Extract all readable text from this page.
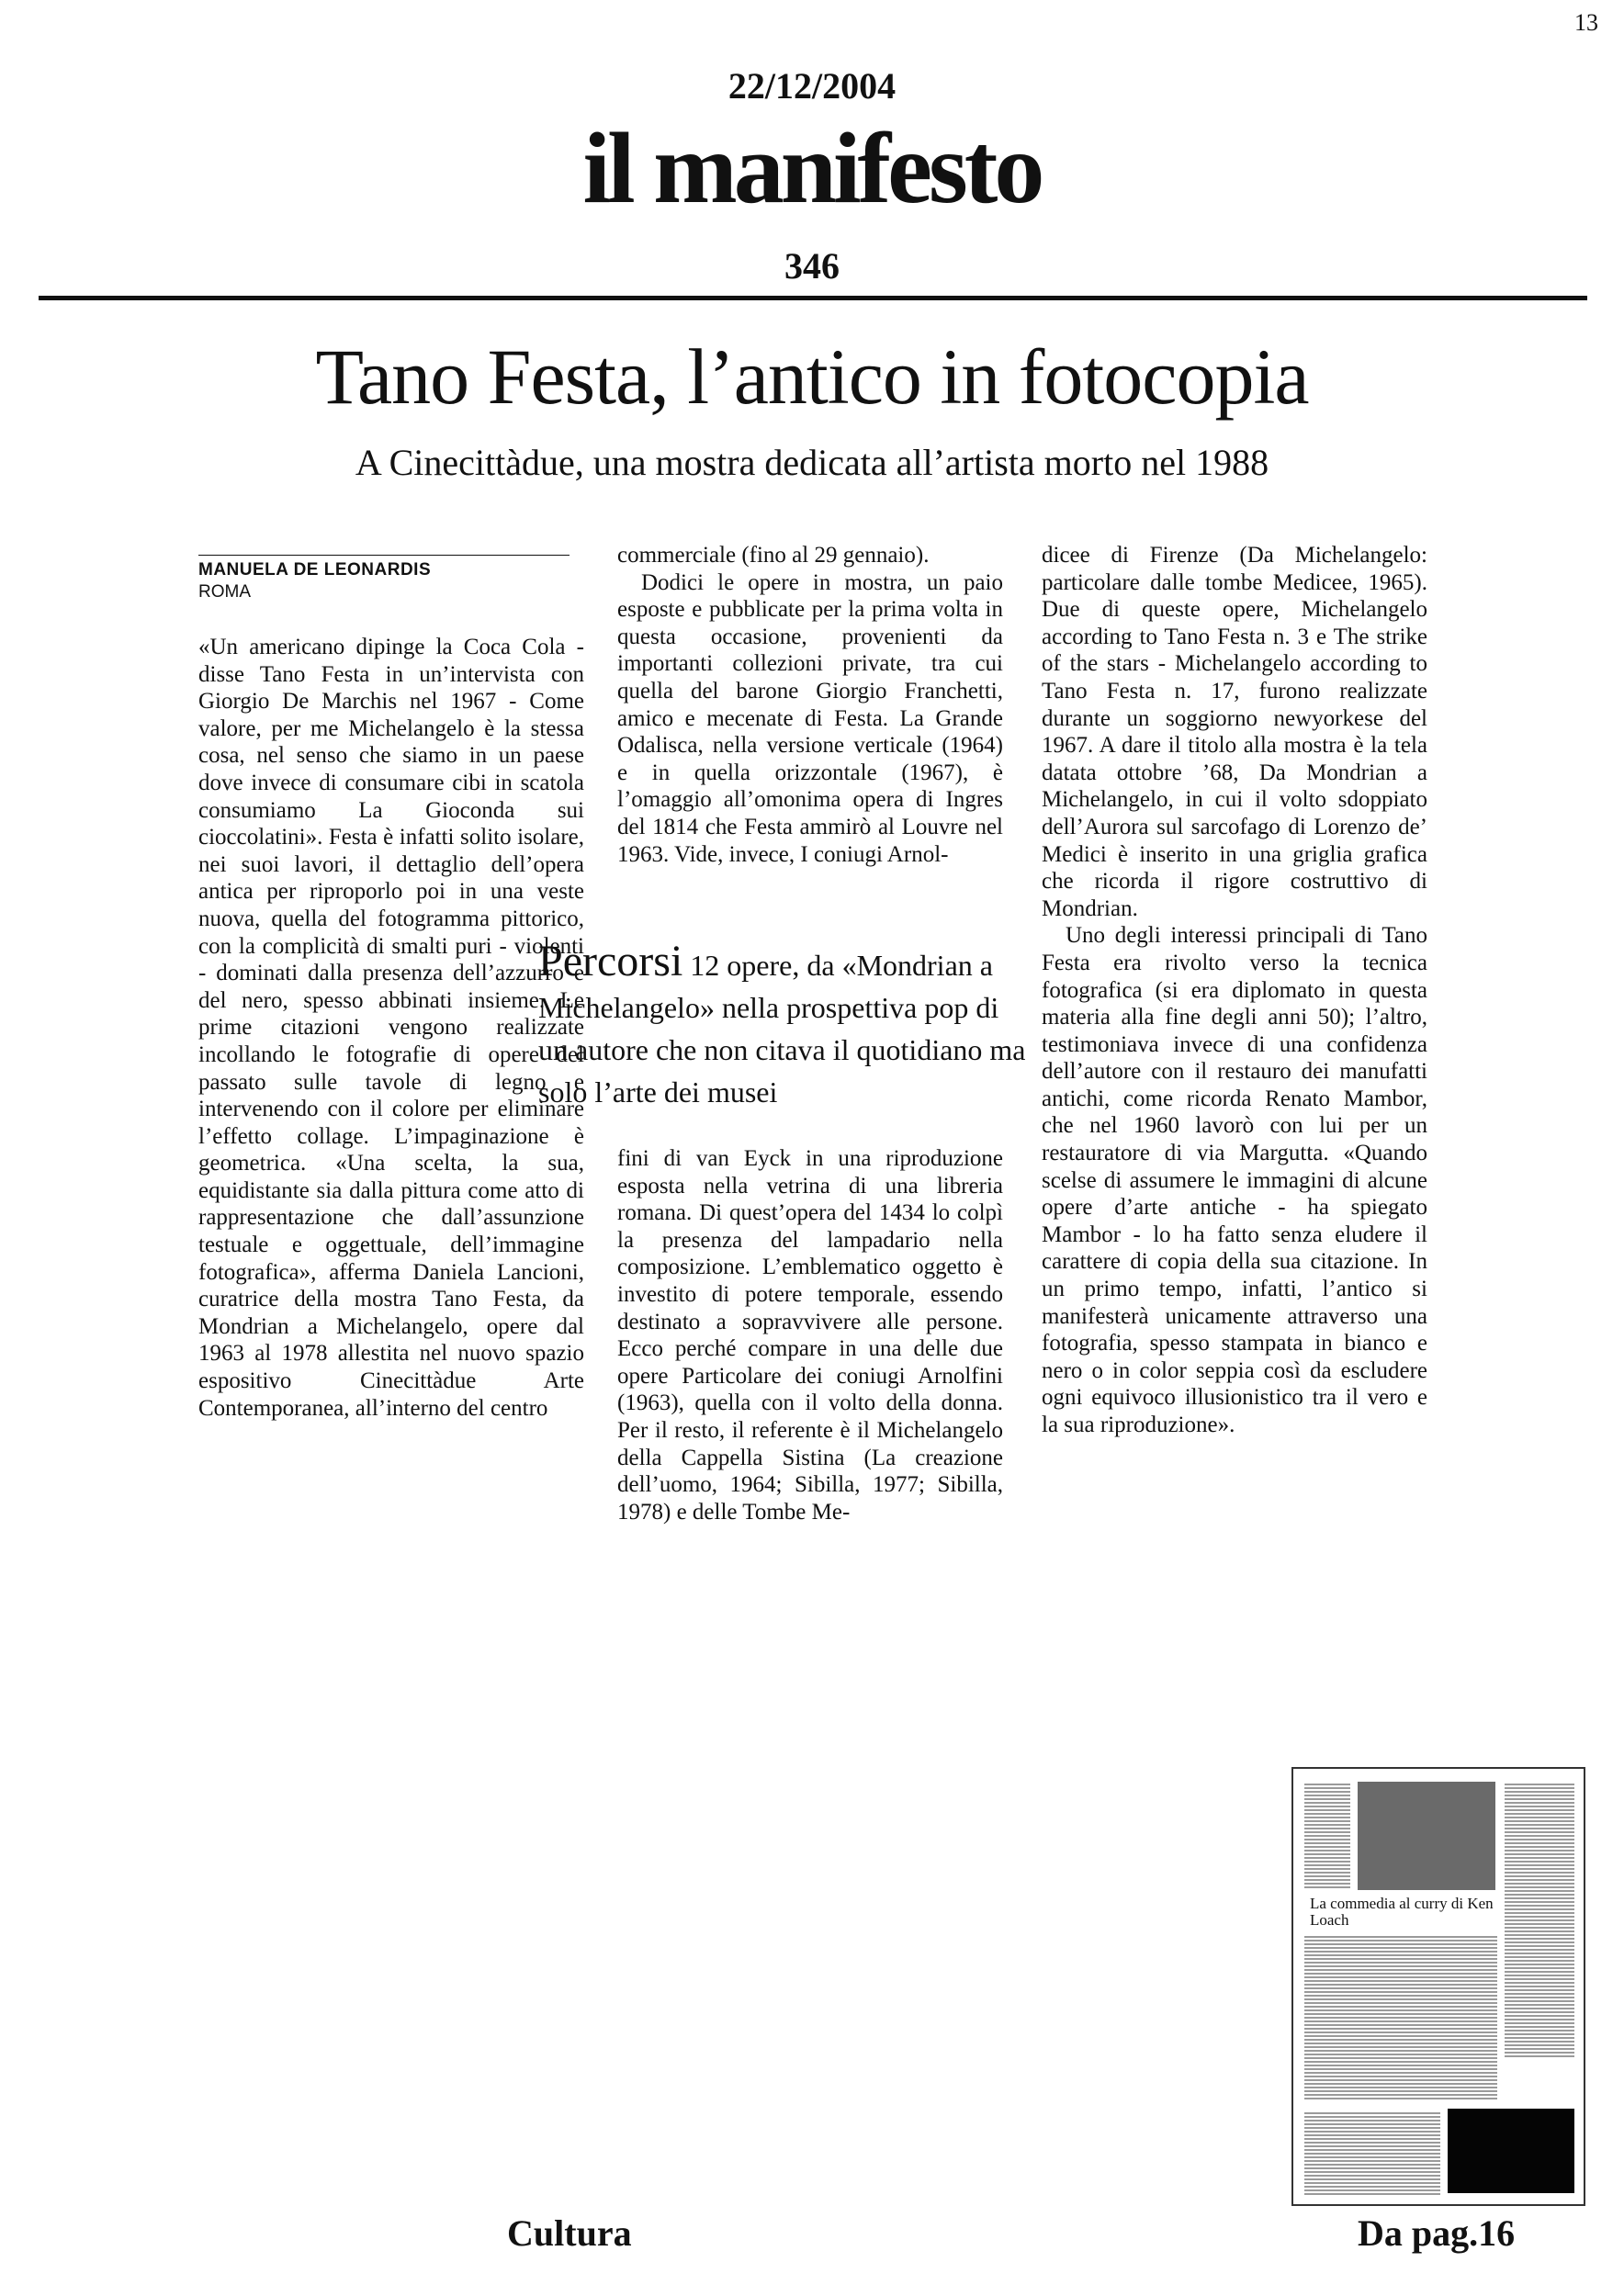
13
22/12/2004
il manifesto
346
Tano Festa, l’antico in fotocopia
A Cinecittàdue, una mostra dedicata all’artista morto nel 1988
MANUELA DE LEONARDIS
ROMA

«Un americano dipinge la Coca Cola - disse Tano Festa in un’intervista con Giorgio De Marchis nel 1967 - Come valore, per me Michelangelo è la stessa cosa, nel senso che siamo in un paese dove invece di consumare cibi in scatola consumiamo La Gioconda sui cioccolatini». Festa è infatti solito isolare, nei suoi lavori, il dettaglio dell’opera antica per riproporlo poi in una veste nuova, quella del fotogramma pittorico, con la complicità di smalti puri - violenti - dominati dalla presenza dell’azzurro e del nero, spesso abbinati insieme. Le prime citazioni vengono realizzate incollando le fotografie di opere del passato sulle tavole di legno e intervenendo con il colore per eliminare l’effetto collage. L’impaginazione è geometrica. «Una scelta, la sua, equidistante sia dalla pittura come atto di rappresentazione che dall’assunzione testuale e oggettuale, dell’immagine fotografica», afferma Daniela Lancioni, curatrice della mostra Tano Festa, da Mondrian a Michelangelo, opere dal 1963 al 1978 allestita nel nuovo spazio espositivo Cinecittàdue Arte Contemporanea, all’interno del centro

commerciale (fino al 29 gennaio).

Dodici le opere in mostra, un paio esposte e pubblicate per la prima volta in questa occasione, provenienti da importanti collezioni private, tra cui quella del barone Giorgio Franchetti, amico e mecenate di Festa. La Grande Odalisca, nella versione verticale (1964) e in quella orizzontale (1967), è l’omaggio all’omonima opera di Ingres del 1814 che Festa ammirò al Louvre nel 1963. Vide, invece, I coniugi Arnol-

Percorsi 12 opere, da «Mondrian a Michelangelo» nella prospettiva pop di un autore che non citava il quotidiano ma solo l’arte dei musei

fini di van Eyck in una riproduzione esposta nella vetrina di una libreria romana. Di quest’opera del 1434 lo colpì la presenza del lampadario nella composizione. L’emblematico oggetto è investito di potere temporale, essendo destinato a sopravvivere alle persone. Ecco perché compare in una delle due opere Particolare dei coniugi Arnolfini (1963), quella con il volto della donna. Per il resto, il referente è il Michelangelo della Cappella Sistina (La creazione dell’uomo, 1964; Sibilla, 1977; Sibilla, 1978) e delle Tombe Me-

dicee di Firenze (Da Michelangelo: particolare dalle tombe Medicee, 1965). Due di queste opere, Michelangelo according to Tano Festa n. 3 e The strike of the stars - Michelangelo according to Tano Festa n. 17, furono realizzate durante un soggiorno newyorkese del 1967. A dare il titolo alla mostra è la tela datata ottobre ’68, Da Mondrian a Michelangelo, in cui il volto sdoppiato dell’Aurora sul sarcofago di Lorenzo de’ Medici è inserito in una griglia grafica che ricorda il rigore costruttivo di Mondrian.

Uno degli interessi principali di Tano Festa era rivolto verso la tecnica fotografica (si era diplomato in questa materia alla fine degli anni 50); l’altro, testimoniava invece di una confidenza dell’autore con il restauro dei manufatti antichi, come ricorda Renato Mambor, che nel 1960 lavorò con lui per un restauratore di via Margutta. «Quando scelse di assumere le immagini di alcune opere d’arte antiche - ha spiegato Mambor - lo ha fatto senza eludere il carattere di copia della sua citazione. In un primo tempo, infatti, l’antico si manifesterà unicamente attraverso una fotografia, spesso stampata in bianco e nero o in color seppia così da escludere ogni equivoco illusionistico tra il vero e la sua riproduzione».

La commedia al curry di Ken Loach
Cultura	Da pag.16
